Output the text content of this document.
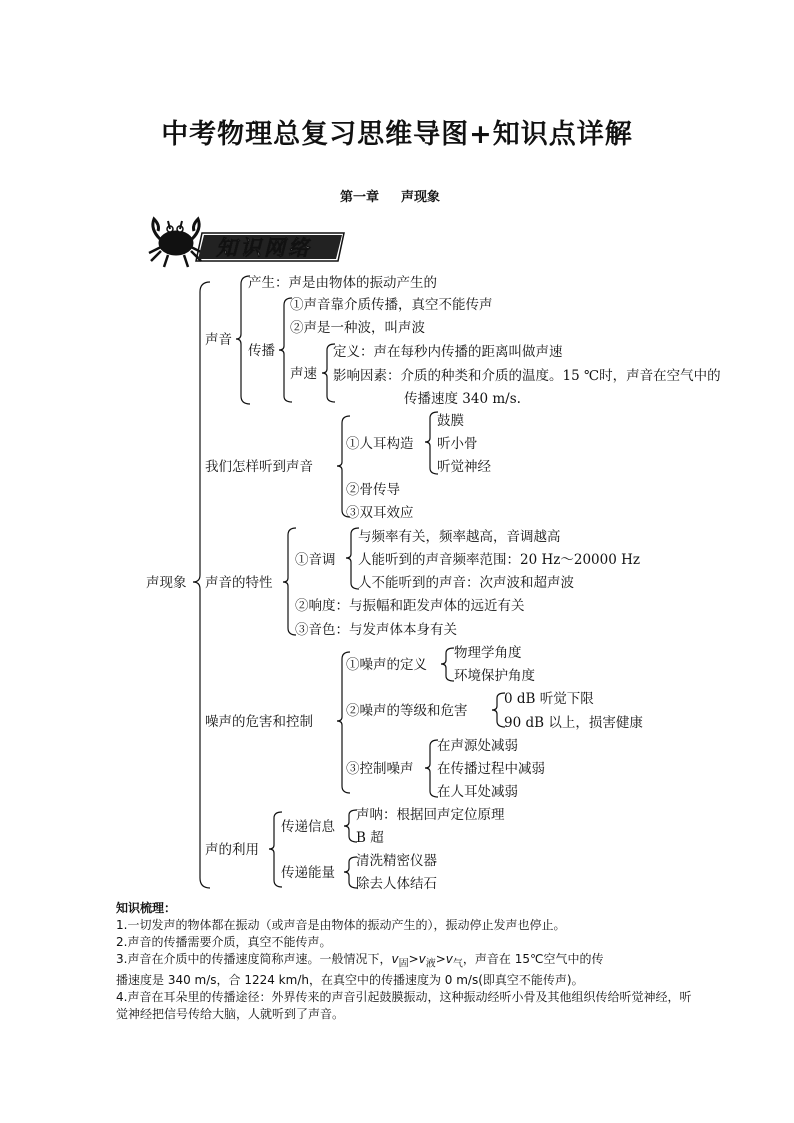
中考物理总复习思维导图+知识点详解
第一章 声现象
知识网络
声现象
声音
产生：声是由物体的振动产生的
传播
①声音靠介质传播，真空不能传声
②声是一种波，叫声波
声速
定义：声在每秒内传播的距离叫做声速
影响因素：介质的种类和介质的温度。15 ℃时，声音在空气中的
传播速度 340 m/s.
我们怎样听到声音
①人耳构造
鼓膜
听小骨
听觉神经
②骨传导
③双耳效应
声音的特性
①音调
与频率有关，频率越高，音调越高
人能听到的声音频率范围：20 Hz～20000 Hz
人不能听到的声音：次声波和超声波
②响度：与振幅和距发声体的远近有关
③音色：与发声体本身有关
噪声的危害和控制
①噪声的定义
物理学角度
环境保护角度
②噪声的等级和危害
0 dB 听觉下限
90 dB 以上，损害健康
③控制噪声
在声源处减弱
在传播过程中减弱
在人耳处减弱
声的利用
传递信息
声呐：根据回声定位原理
B 超
传递能量
清洗精密仪器
除去人体结石

知识梳理：

1.一切发声的物体都在振动（或声音是由物体的振动产生的），振动停止发声也停止。

2.声音的传播需要介质，真空不能传声。

3.声音在介质中的传播速度简称声速。一般情况下，$v_固>v_液>v_气$，声音在 15℃空气中的传
播速度是 340 m/s，合 1224 km/h，在真空中的传播速度为 0 m/s(即真空不能传声)。

4.声音在耳朵里的传播途径：外界传来的声音引起鼓膜振动，这种振动经听小骨及其他组织传给听觉神经，听觉神经把信号传给大脑，人就听到了声音。
